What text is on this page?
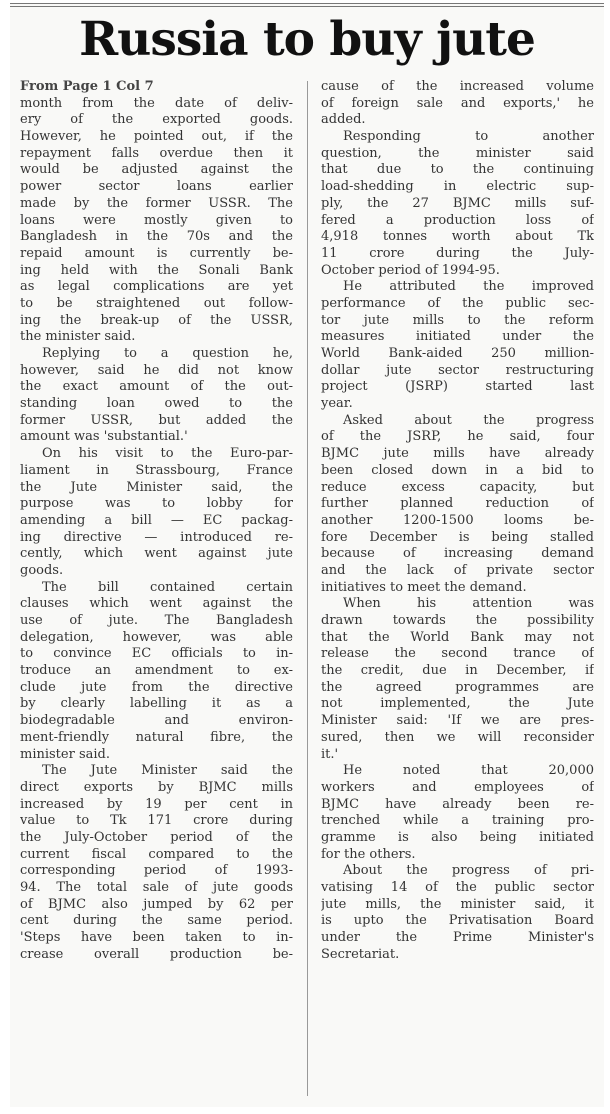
Russia to buy jute
From Page 1 Col 7
month from the date of deliv-
ery of the exported goods.
However, he pointed out, if the
repayment falls overdue then it
would be adjusted against the
power sector loans earlier
made by the former USSR. The
loans were mostly given to
Bangladesh in the 70s and the
repaid amount is currently be-
ing held with the Sonali Bank
as legal complications are yet
to be straightened out follow-
ing the break-up of the USSR,
the minister said.
Replying to a question he,
however, said he did not know
the exact amount of the out-
standing loan owed to the
former USSR, but added the
amount was 'substantial.'
On his visit to the Euro-par-
liament in Strassbourg, France
the Jute Minister said, the
purpose was to lobby for
amending a bill — EC packag-
ing directive — introduced re-
cently, which went against jute
goods.
The bill contained certain
clauses which went against the
use of jute. The Bangladesh
delegation, however, was able
to convince EC officials to in-
troduce an amendment to ex-
clude jute from the directive
by clearly labelling it as a
biodegradable and environ-
ment-friendly natural fibre, the
minister said.
The Jute Minister said the
direct exports by BJMC mills
increased by 19 per cent in
value to Tk 171 crore during
the July-October period of the
current fiscal compared to the
corresponding period of 1993-
94. The total sale of jute goods
of BJMC also jumped by 62 per
cent during the same period.
'Steps have been taken to in-
crease overall production be-
cause of the increased volume
of foreign sale and exports,' he
added.
Responding to another
question, the minister said
that due to the continuing
load-shedding in electric sup-
ply, the 27 BJMC mills suf-
fered a production loss of
4,918 tonnes worth about Tk
11 crore during the July-
October period of 1994-95.
He attributed the improved
performance of the public sec-
tor jute mills to the reform
measures initiated under the
World Bank-aided 250 million-
dollar jute sector restructuring
project (JSRP) started last
year.
Asked about the progress
of the JSRP, he said, four
BJMC jute mills have already
been closed down in a bid to
reduce excess capacity, but
further planned reduction of
another 1200-1500 looms be-
fore December is being stalled
because of increasing demand
and the lack of private sector
initiatives to meet the demand.
When his attention was
drawn towards the possibility
that the World Bank may not
release the second trance of
the credit, due in December, if
the agreed programmes are
not implemented, the Jute
Minister said: 'If we are pres-
sured, then we will reconsider
it.'
He noted that 20,000
workers and employees of
BJMC have already been re-
trenched while a training pro-
gramme is also being initiated
for the others.
About the progress of pri-
vatising 14 of the public sector
jute mills, the minister said, it
is upto the Privatisation Board
under the Prime Minister's
Secretariat.
